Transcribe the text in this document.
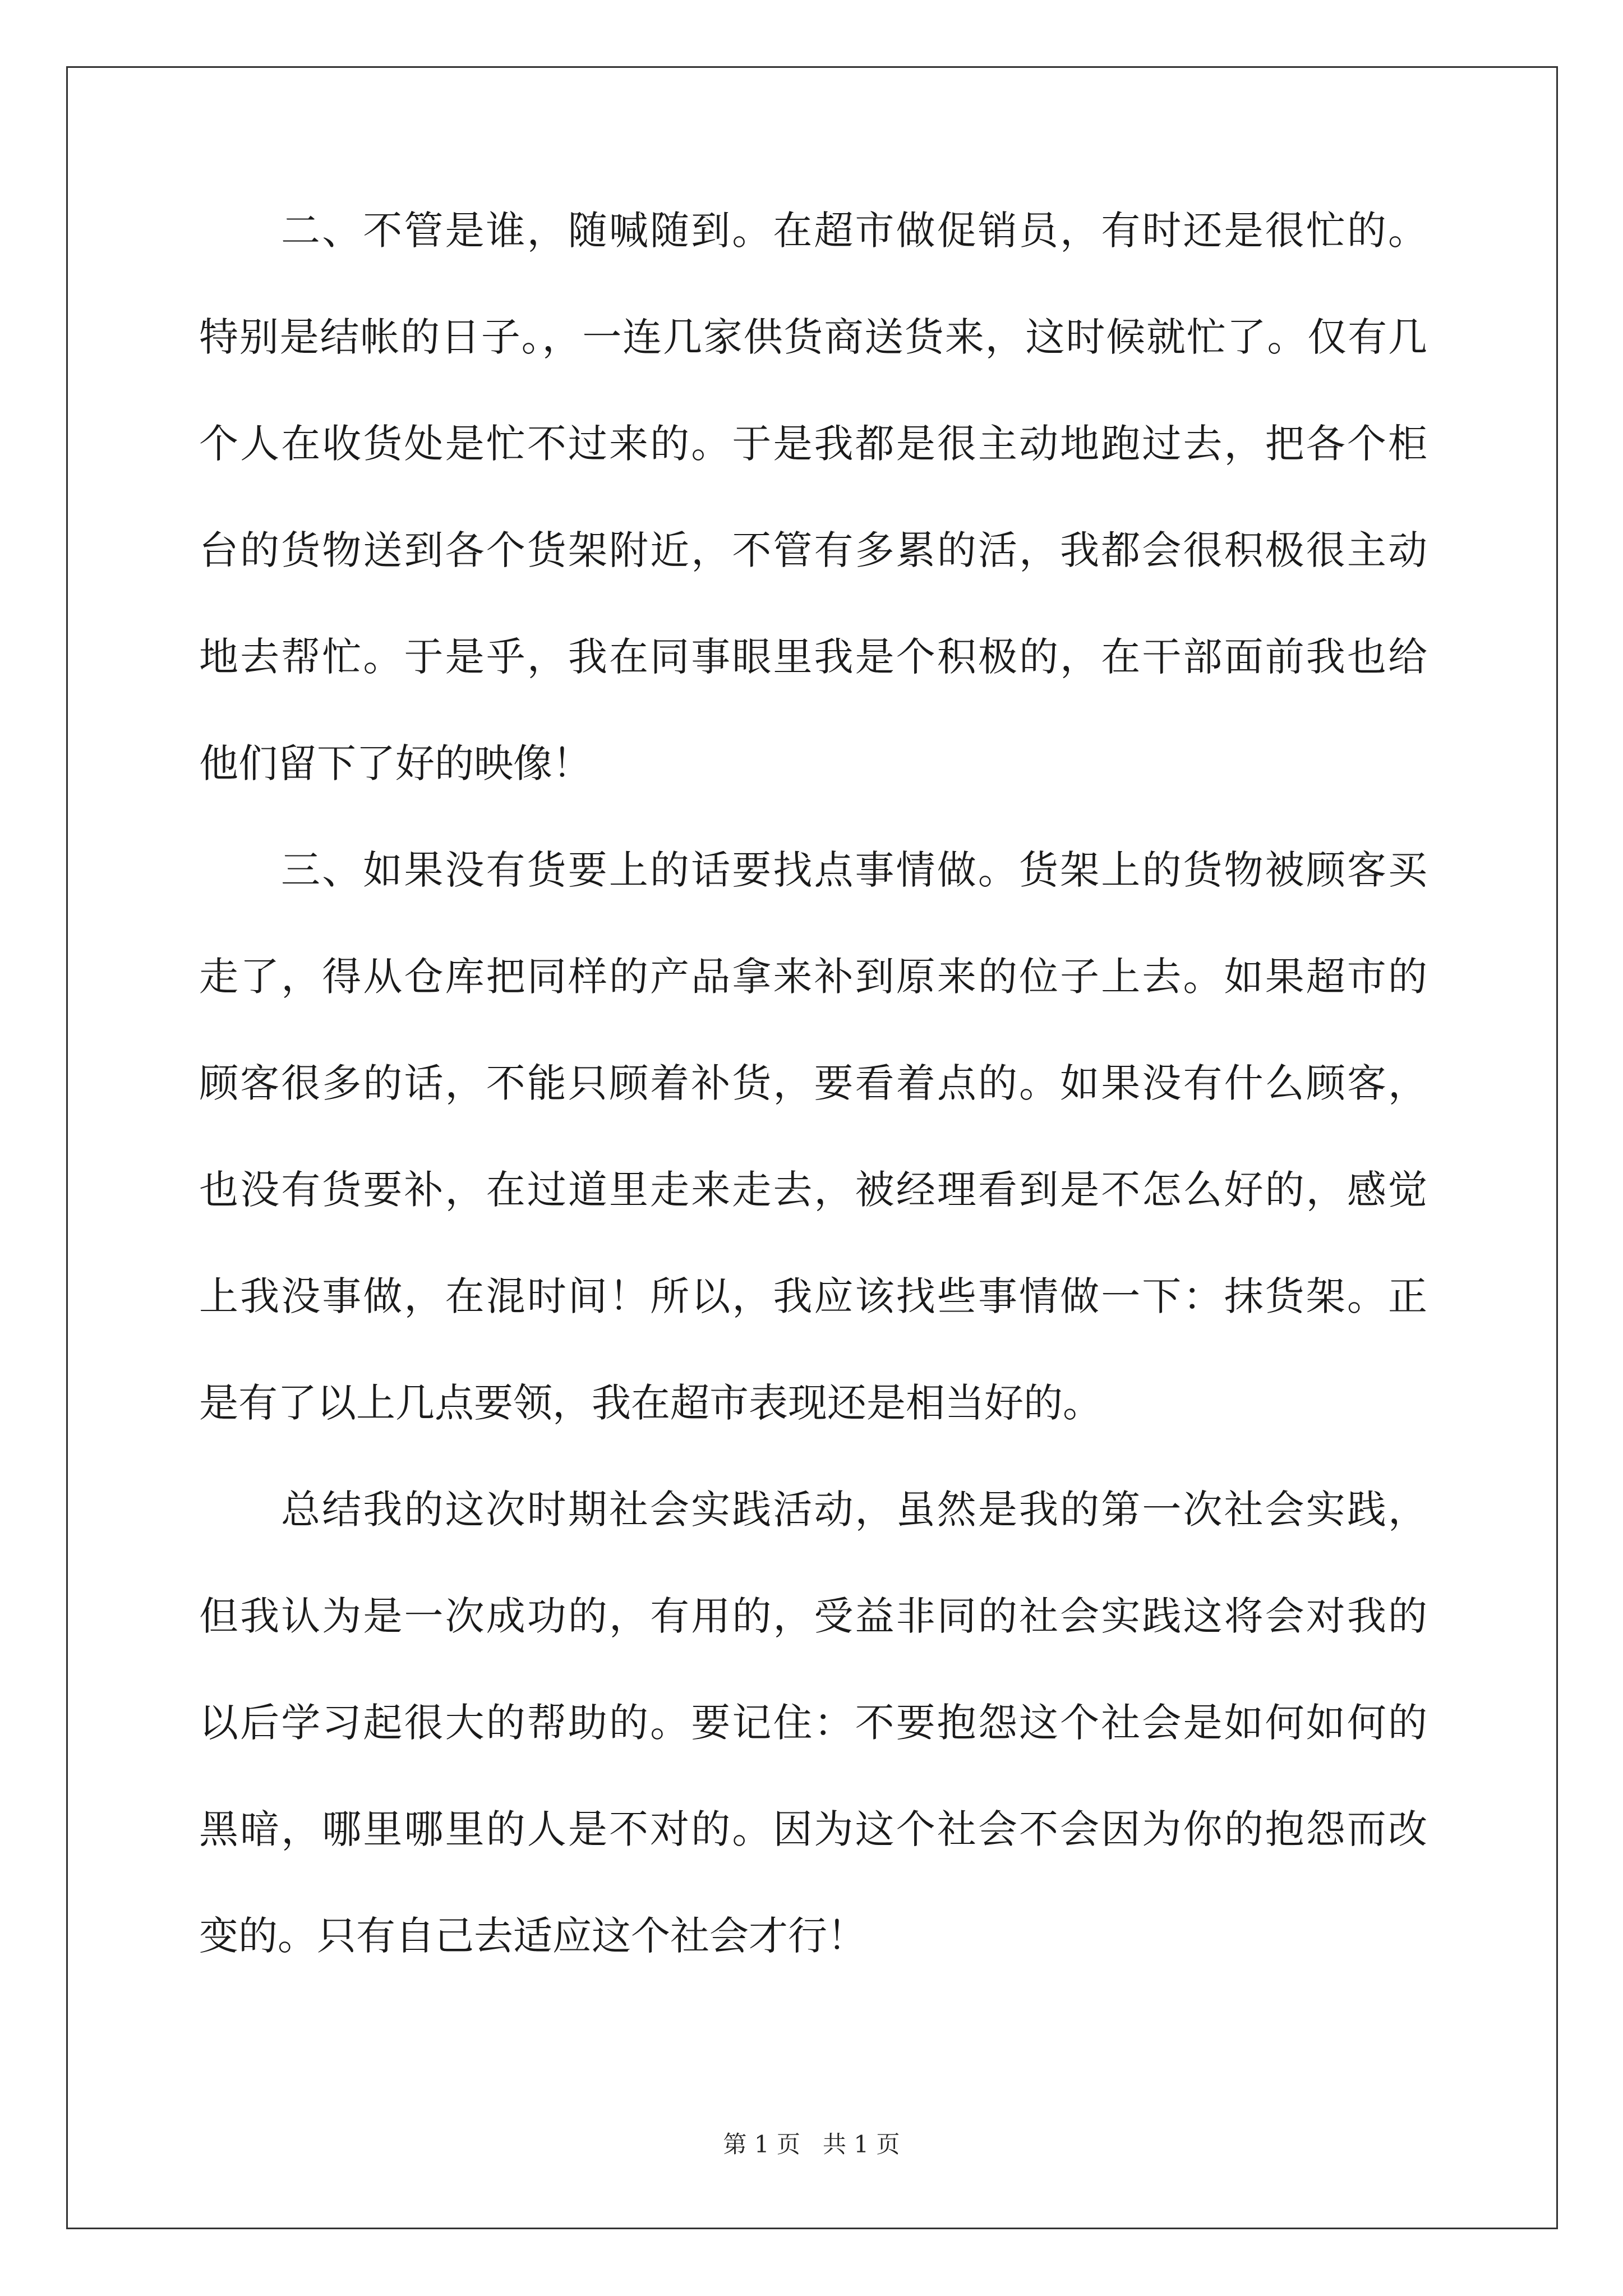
二、不管是谁，随喊随到。在超市做促销员，有时还是很忙的。
特别是结帐的日子。，一连几家供货商送货来，这时候就忙了。仅有几
个人在收货处是忙不过来的。于是我都是很主动地跑过去，把各个柜
台的货物送到各个货架附近，不管有多累的活，我都会很积极很主动
地去帮忙。于是乎，我在同事眼里我是个积极的，在干部面前我也给
他们留下了好的映像！
三、如果没有货要上的话要找点事情做。货架上的货物被顾客买
走了，得从仓库把同样的产品拿来补到原来的位子上去。如果超市的
顾客很多的话，不能只顾着补货，要看着点的。如果没有什么顾客，
也没有货要补，在过道里走来走去，被经理看到是不怎么好的，感觉
上我没事做，在混时间！所以，我应该找些事情做一下：抹货架。正
是有了以上几点要领，我在超市表现还是相当好的。
总结我的这次时期社会实践活动，虽然是我的第一次社会实践，
但我认为是一次成功的，有用的，受益非同的社会实践这将会对我的
以后学习起很大的帮助的。要记住：不要抱怨这个社会是如何如何的
黑暗，哪里哪里的人是不对的。因为这个社会不会因为你的抱怨而改
变的。只有自己去适应这个社会才行！
第 1 页   共 1 页
